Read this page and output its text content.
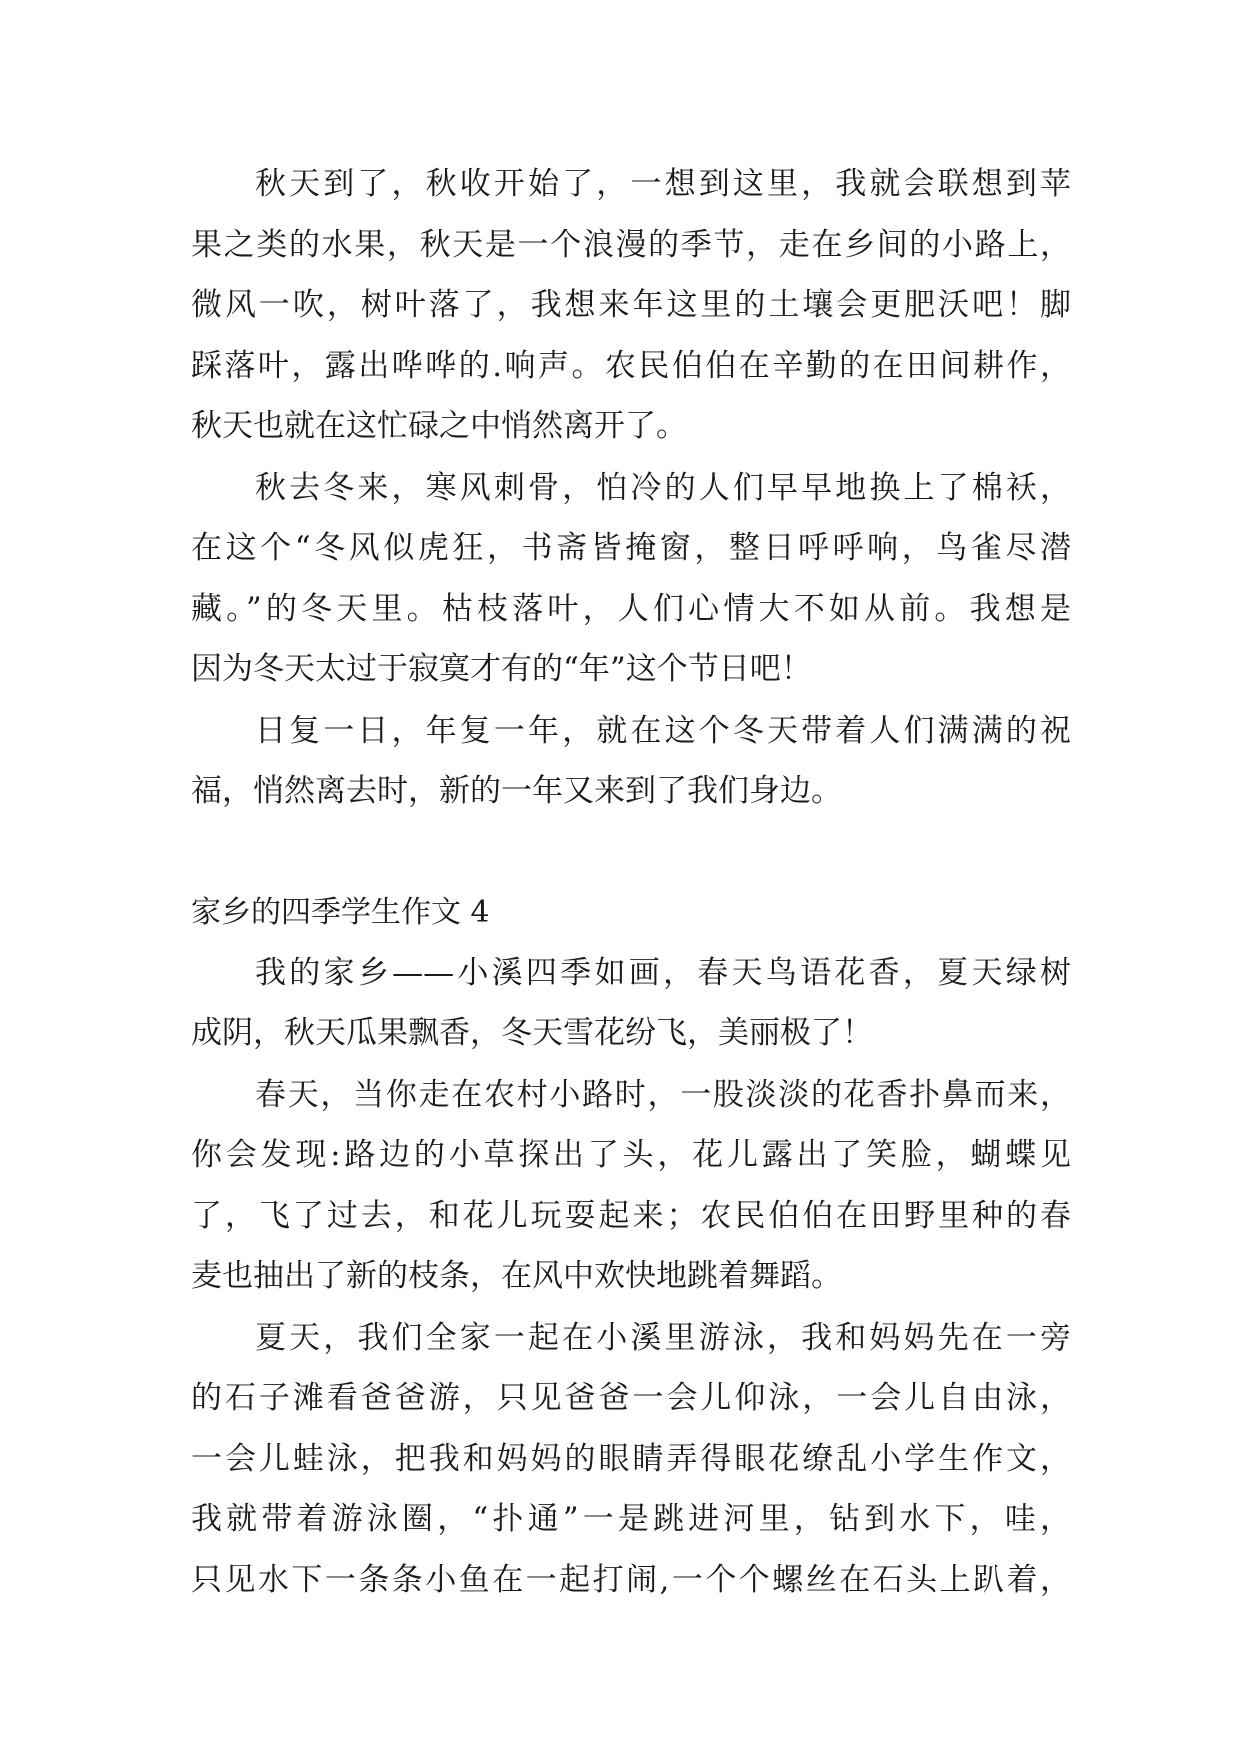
秋天到了，秋收开始了，一想到这里，我就会联想到苹
果之类的水果，秋天是一个浪漫的季节，走在乡间的小路上，
微风一吹，树叶落了，我想来年这里的土壤会更肥沃吧！脚
踩落叶，露出哗哗的.响声。农民伯伯在辛勤的在田间耕作，
秋天也就在这忙碌之中悄然离开了。
秋去冬来，寒风刺骨，怕冷的人们早早地换上了棉袄，
在这个“冬风似虎狂，书斋皆掩窗，整日呼呼响，鸟雀尽潜
藏。”的冬天里。枯枝落叶，人们心情大不如从前。我想是
因为冬天太过于寂寞才有的“年”这个节日吧！
日复一日，年复一年，就在这个冬天带着人们满满的祝
福，悄然离去时，新的一年又来到了我们身边。
家乡的四季学生作文 4
我的家乡——小溪四季如画，春天鸟语花香，夏天绿树
成阴，秋天瓜果飘香，冬天雪花纷飞，美丽极了！
春天，当你走在农村小路时，一股淡淡的花香扑鼻而来，
你会发现:路边的小草探出了头，花儿露出了笑脸，蝴蝶见
了，飞了过去，和花儿玩耍起来；农民伯伯在田野里种的春
麦也抽出了新的枝条，在风中欢快地跳着舞蹈。
夏天，我们全家一起在小溪里游泳，我和妈妈先在一旁
的石子滩看爸爸游，只见爸爸一会儿仰泳，一会儿自由泳，
一会儿蛙泳，把我和妈妈的眼睛弄得眼花缭乱小学生作文，
我就带着游泳圈，“扑通”一是跳进河里，钻到水下，哇，
只见水下一条条小鱼在一起打闹,一个个螺丝在石头上趴着，
